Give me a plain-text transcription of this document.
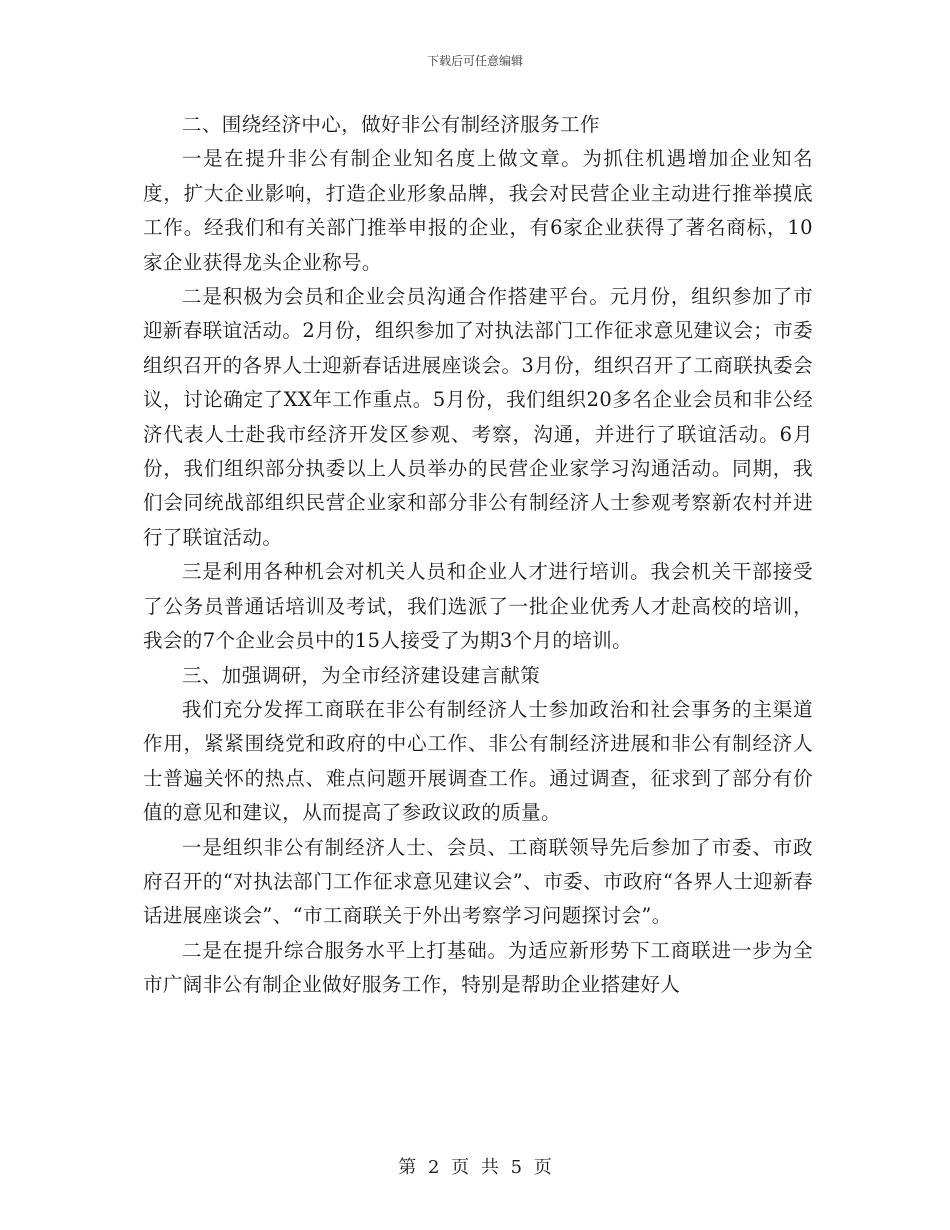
下载后可任意编辑

二、围绕经济中心，做好非公有制经济服务工作

一是在提升非公有制企业知名度上做文章。为抓住机遇增加企业知名度，扩大企业影响，打造企业形象品牌，我会对民营企业主动进行推举摸底工作。经我们和有关部门推举申报的企业，有6家企业获得了著名商标，10家企业获得龙头企业称号。

二是积极为会员和企业会员沟通合作搭建平台。元月份，组织参加了市迎新春联谊活动。2月份，组织参加了对执法部门工作征求意见建议会；市委组织召开的各界人士迎新春话进展座谈会。3月份，组织召开了工商联执委会议，讨论确定了XX年工作重点。5月份，我们组织20多名企业会员和非公经济代表人士赴我市经济开发区参观、考察，沟通，并进行了联谊活动。6月份，我们组织部分执委以上人员举办的民营企业家学习沟通活动。同期，我们会同统战部组织民营企业家和部分非公有制经济人士参观考察新农村并进行了联谊活动。

三是利用各种机会对机关人员和企业人才进行培训。我会机关干部接受了公务员普通话培训及考试，我们选派了一批企业优秀人才赴高校的培训，我会的7个企业会员中的15人接受了为期3个月的培训。

三、加强调研，为全市经济建设建言献策

我们充分发挥工商联在非公有制经济人士参加政治和社会事务的主渠道作用，紧紧围绕党和政府的中心工作、非公有制经济进展和非公有制经济人士普遍关怀的热点、难点问题开展调查工作。通过调查，征求到了部分有价值的意见和建议，从而提高了参政议政的质量。

一是组织非公有制经济人士、会员、工商联领导先后参加了市委、市政府召开的“对执法部门工作征求意见建议会”、市委、市政府“各界人士迎新春话进展座谈会”、“市工商联关于外出考察学习问题探讨会”。

二是在提升综合服务水平上打基础。为适应新形势下工商联进一步为全市广阔非公有制企业做好服务工作，特别是帮助企业搭建好人

第 2 页 共 5 页
